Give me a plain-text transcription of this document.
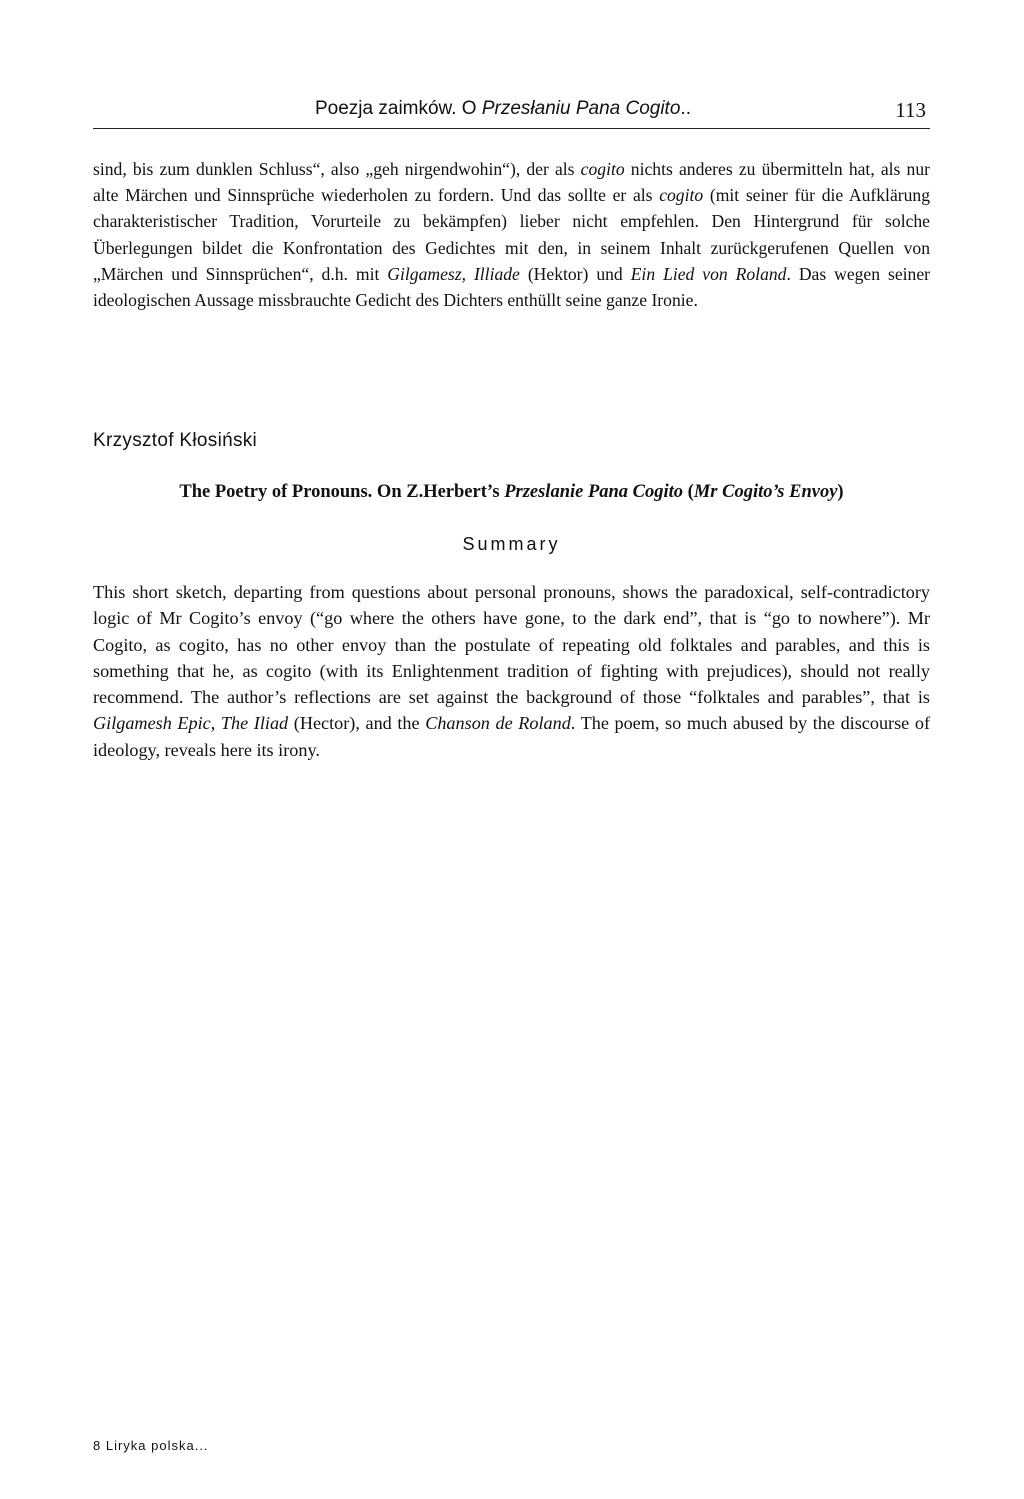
Poezja zaimków. O Przesłaniu Pana Cogito..	113

sind, bis zum dunklen Schluss“, also „geh nirgendwohin“), der als cogito nichts anderes zu übermitteln hat, als nur alte Märchen und Sinnsprüche wiederholen zu fordern. Und das sollte er als cogito (mit seiner für die Aufklärung charakteristischer Tradition, Vorurteile zu bekämpfen) lieber nicht empfehlen. Den Hintergrund für solche Überlegungen bildet die Konfrontation des Gedichtes mit den, in seinem Inhalt zurückgerufenen Quellen von „Märchen und Sinnsprüchen“, d.h. mit Gilgamesz, Illiade (Hektor) und Ein Lied von Roland. Das wegen seiner ideologischen Aussage missbrauchte Gedicht des Dichters enthüllt seine ganze Ironie.

Krzysztof Kłosiński
The Poetry of Pronouns. On Z.Herbert’s Przeslanie Pana Cogito (Mr Cogito’s Envoy)
Summary

This short sketch, departing from questions about personal pronouns, shows the paradoxical, self-contradictory logic of Mr Cogito’s envoy (“go where the others have gone, to the dark end”, that is “go to nowhere”). Mr Cogito, as cogito, has no other envoy than the postulate of repeating old folktales and parables, and this is something that he, as cogito (with its Enlightenment tradition of fighting with prejudices), should not really recommend. The author’s reflections are set against the background of those “folktales and parables”, that is Gilgamesh Epic, The Iliad (Hector), and the Chanson de Roland. The poem, so much abused by the discourse of ideology, reveals here its irony.

8 Liryka polska...
